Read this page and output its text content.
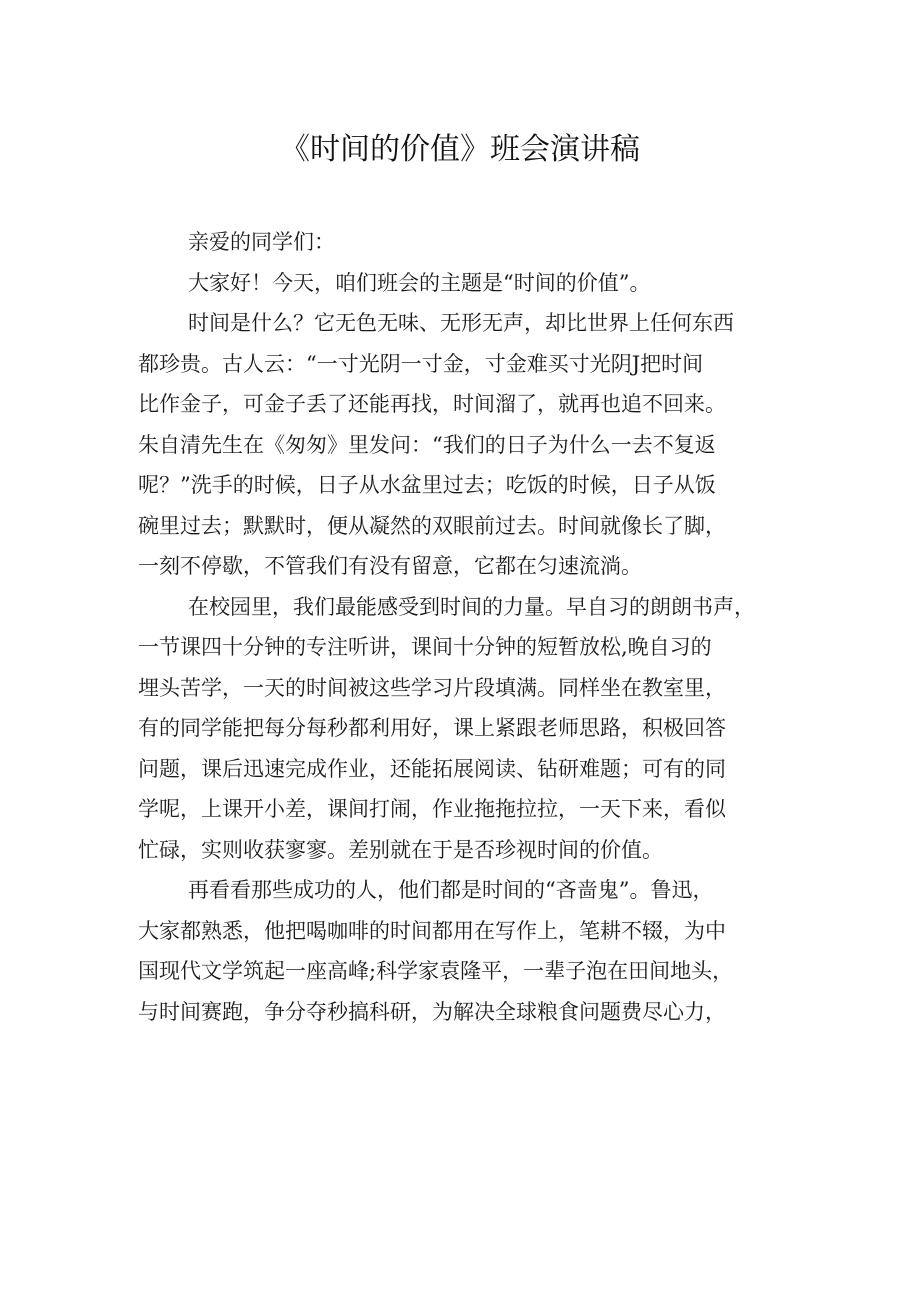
《时间的价值》班会演讲稿
亲爱的同学们：
大家好！今天，咱们班会的主题是“时间的价值”。
时间是什么？它无色无味、无形无声，却比世界上任何东西
都珍贵。古人云：“一寸光阴一寸金，寸金难买寸光阴J把时间
比作金子，可金子丢了还能再找，时间溜了，就再也追不回来。
朱自清先生在《匆匆》里发问：“我们的日子为什么一去不复返
呢？”洗手的时候，日子从水盆里过去；吃饭的时候，日子从饭
碗里过去；默默时，便从凝然的双眼前过去。时间就像长了脚，
一刻不停歇，不管我们有没有留意，它都在匀速流淌。
在校园里，我们最能感受到时间的力量。早自习的朗朗书声，
一节课四十分钟的专注听讲，课间十分钟的短暂放松,晚自习的
埋头苦学，一天的时间被这些学习片段填满。同样坐在教室里，
有的同学能把每分每秒都利用好，课上紧跟老师思路，积极回答
问题，课后迅速完成作业，还能拓展阅读、钻研难题；可有的同
学呢，上课开小差，课间打闹，作业拖拖拉拉，一天下来，看似
忙碌，实则收获寥寥。差别就在于是否珍视时间的价值。
再看看那些成功的人，他们都是时间的“吝啬鬼”。鲁迅，
大家都熟悉，他把喝咖啡的时间都用在写作上，笔耕不辍，为中
国现代文学筑起一座高峰;科学家袁隆平，一辈子泡在田间地头，
与时间赛跑，争分夺秒搞科研，为解决全球粮食问题费尽心力，
